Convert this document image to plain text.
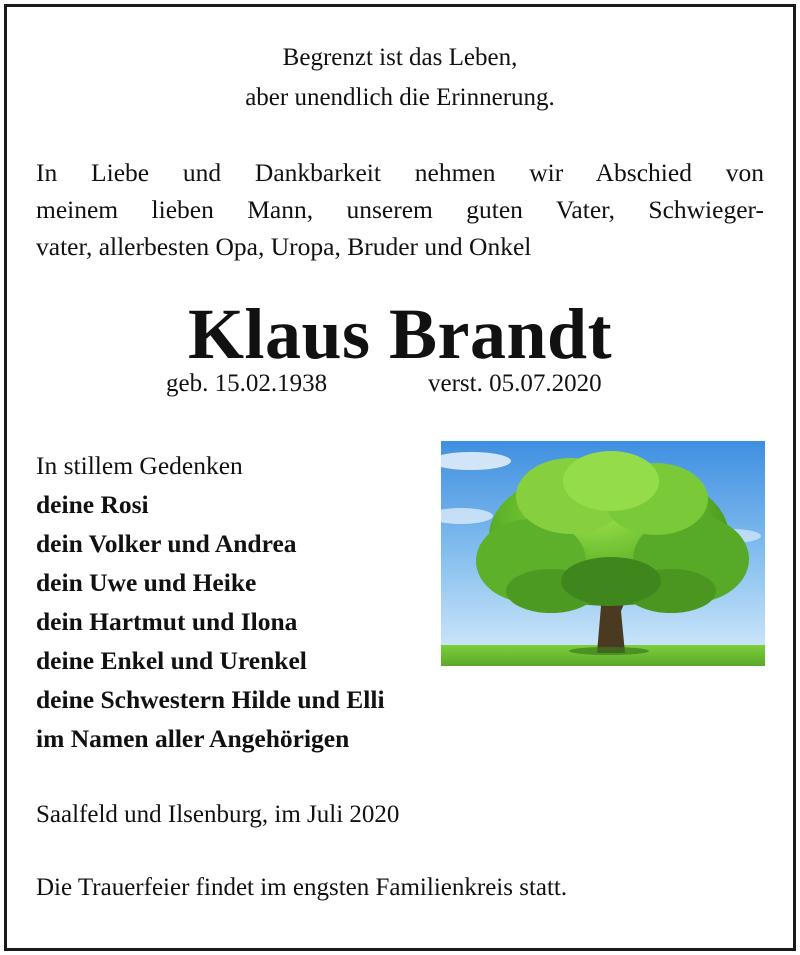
Begrenzt ist das Leben,
aber unendlich die Erinnerung.
In Liebe und Dankbarkeit nehmen wir Abschied von
meinem lieben Mann, unserem guten Vater, Schwieger-
vater, allerbesten Opa, Uropa, Bruder und Onkel
Klaus Brandt
geb. 15.02.1938	verst. 05.07.2020
In stillem Gedenken
deine Rosi
dein Volker und Andrea
dein Uwe und Heike
dein Hartmut und Ilona
deine Enkel und Urenkel
deine Schwestern Hilde und Elli
im Namen aller Angehörigen
Saalfeld und Ilsenburg, im Juli 2020
Die Trauerfeier findet im engsten Familienkreis statt.
